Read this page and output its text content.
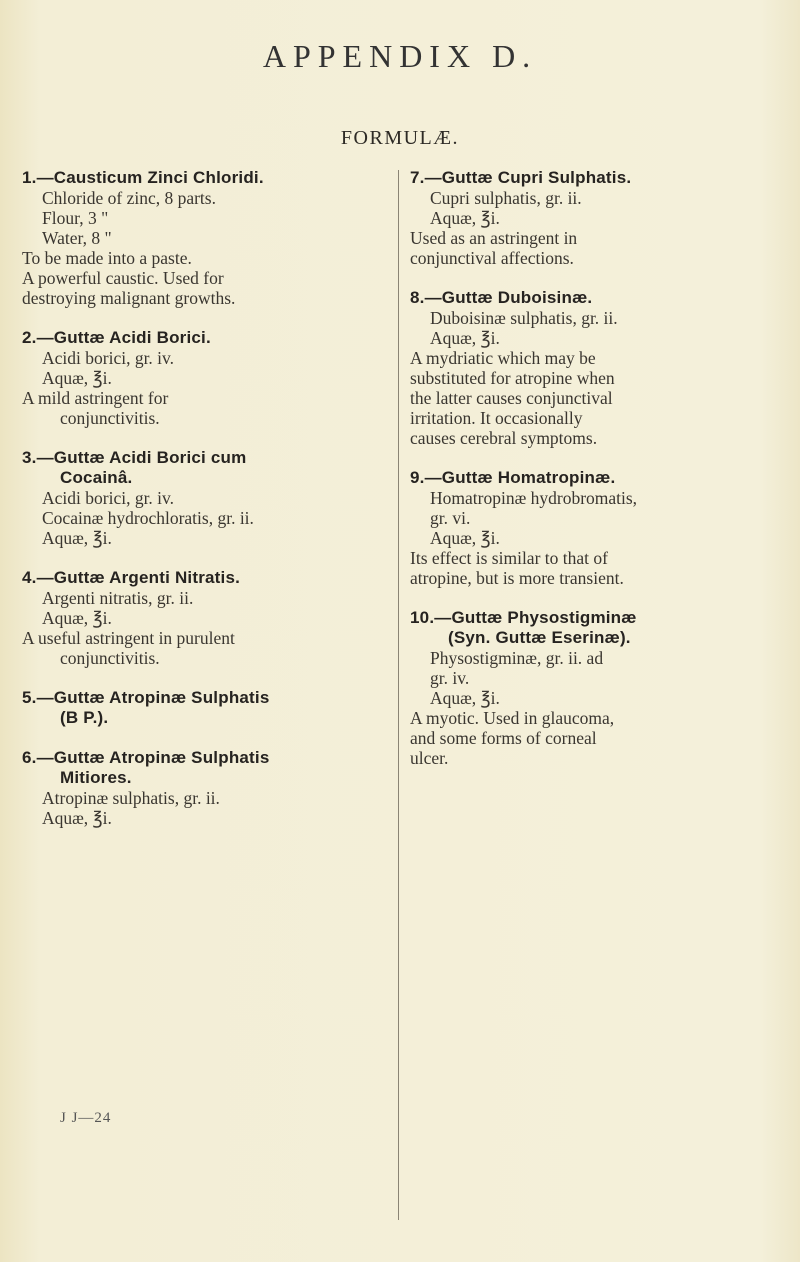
APPENDIX D.
FORMULÆ.
1.—Causticum Zinci Chloridi.
Chloride of zinc, 8 parts.
Flour, 3 "
Water, 8 "
To be made into a paste.
A powerful caustic. Used for
destroying malignant growths.
2.—Guttæ Acidi Borici.
Acidi borici, gr. iv.
Aquæ, ℥i.
A mild astringent for
conjunctivitis.
3.—Guttæ Acidi Borici cum
Cocainâ.
Acidi borici, gr. iv.
Cocainæ hydrochloratis, gr. ii.
Aquæ, ℥i.
4.—Guttæ Argenti Nitratis.
Argenti nitratis, gr. ii.
Aquæ, ℥i.
A useful astringent in purulent
conjunctivitis.
5.—Guttæ Atropinæ Sulphatis
(B P.).
6.—Guttæ Atropinæ Sulphatis
Mitiores.
Atropinæ sulphatis, gr. ii.
Aquæ, ℥i.
7.—Guttæ Cupri Sulphatis.
Cupri sulphatis, gr. ii.
Aquæ, ℥i.
Used as an astringent in
conjunctival affections.
8.—Guttæ Duboisinæ.
Duboisinæ sulphatis, gr. ii.
Aquæ, ℥i.
A mydriatic which may be
substituted for atropine when
the latter causes conjunctival
irritation. It occasionally
causes cerebral symptoms.
9.—Guttæ Homatropinæ.
Homatropinæ hydrobromatis,
gr. vi.
Aquæ, ℥i.
Its effect is similar to that of
atropine, but is more transient.
10.—Guttæ Physostigminæ
(Syn. Guttæ Eserinæ).
Physostigminæ, gr. ii. ad
gr. iv.
Aquæ, ℥i.
A myotic. Used in glaucoma,
and some forms of corneal
ulcer.
J J—24
